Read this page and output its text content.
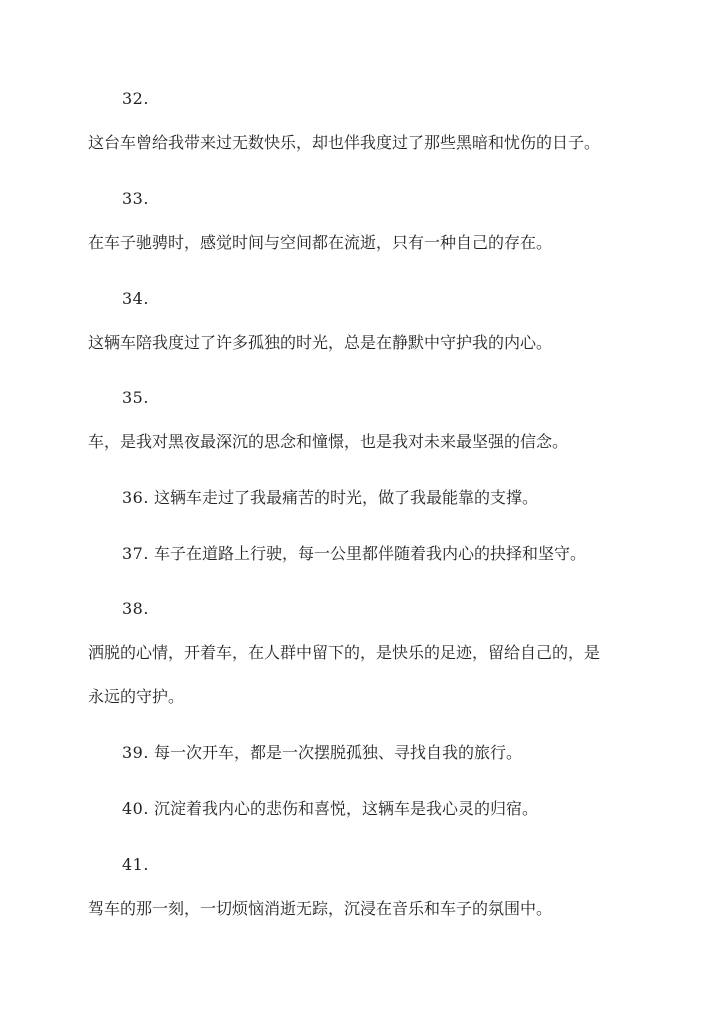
32.
这台车曾给我带来过无数快乐，却也伴我度过了那些黑暗和忧伤的日子。
33.
在车子驰骋时，感觉时间与空间都在流逝，只有一种自己的存在。
34.
这辆车陪我度过了许多孤独的时光，总是在静默中守护我的内心。
35.
车，是我对黑夜最深沉的思念和憧憬，也是我对未来最坚强的信念。
36. 这辆车走过了我最痛苦的时光，做了我最能靠的支撑。
37. 车子在道路上行驶，每一公里都伴随着我内心的抉择和坚守。
38.
洒脱的心情，开着车，在人群中留下的，是快乐的足迹，留给自己的，是
永远的守护。
39. 每一次开车，都是一次摆脱孤独、寻找自我的旅行。
40. 沉淀着我内心的悲伤和喜悦，这辆车是我心灵的归宿。
41.
驾车的那一刻，一切烦恼消逝无踪，沉浸在音乐和车子的氛围中。
